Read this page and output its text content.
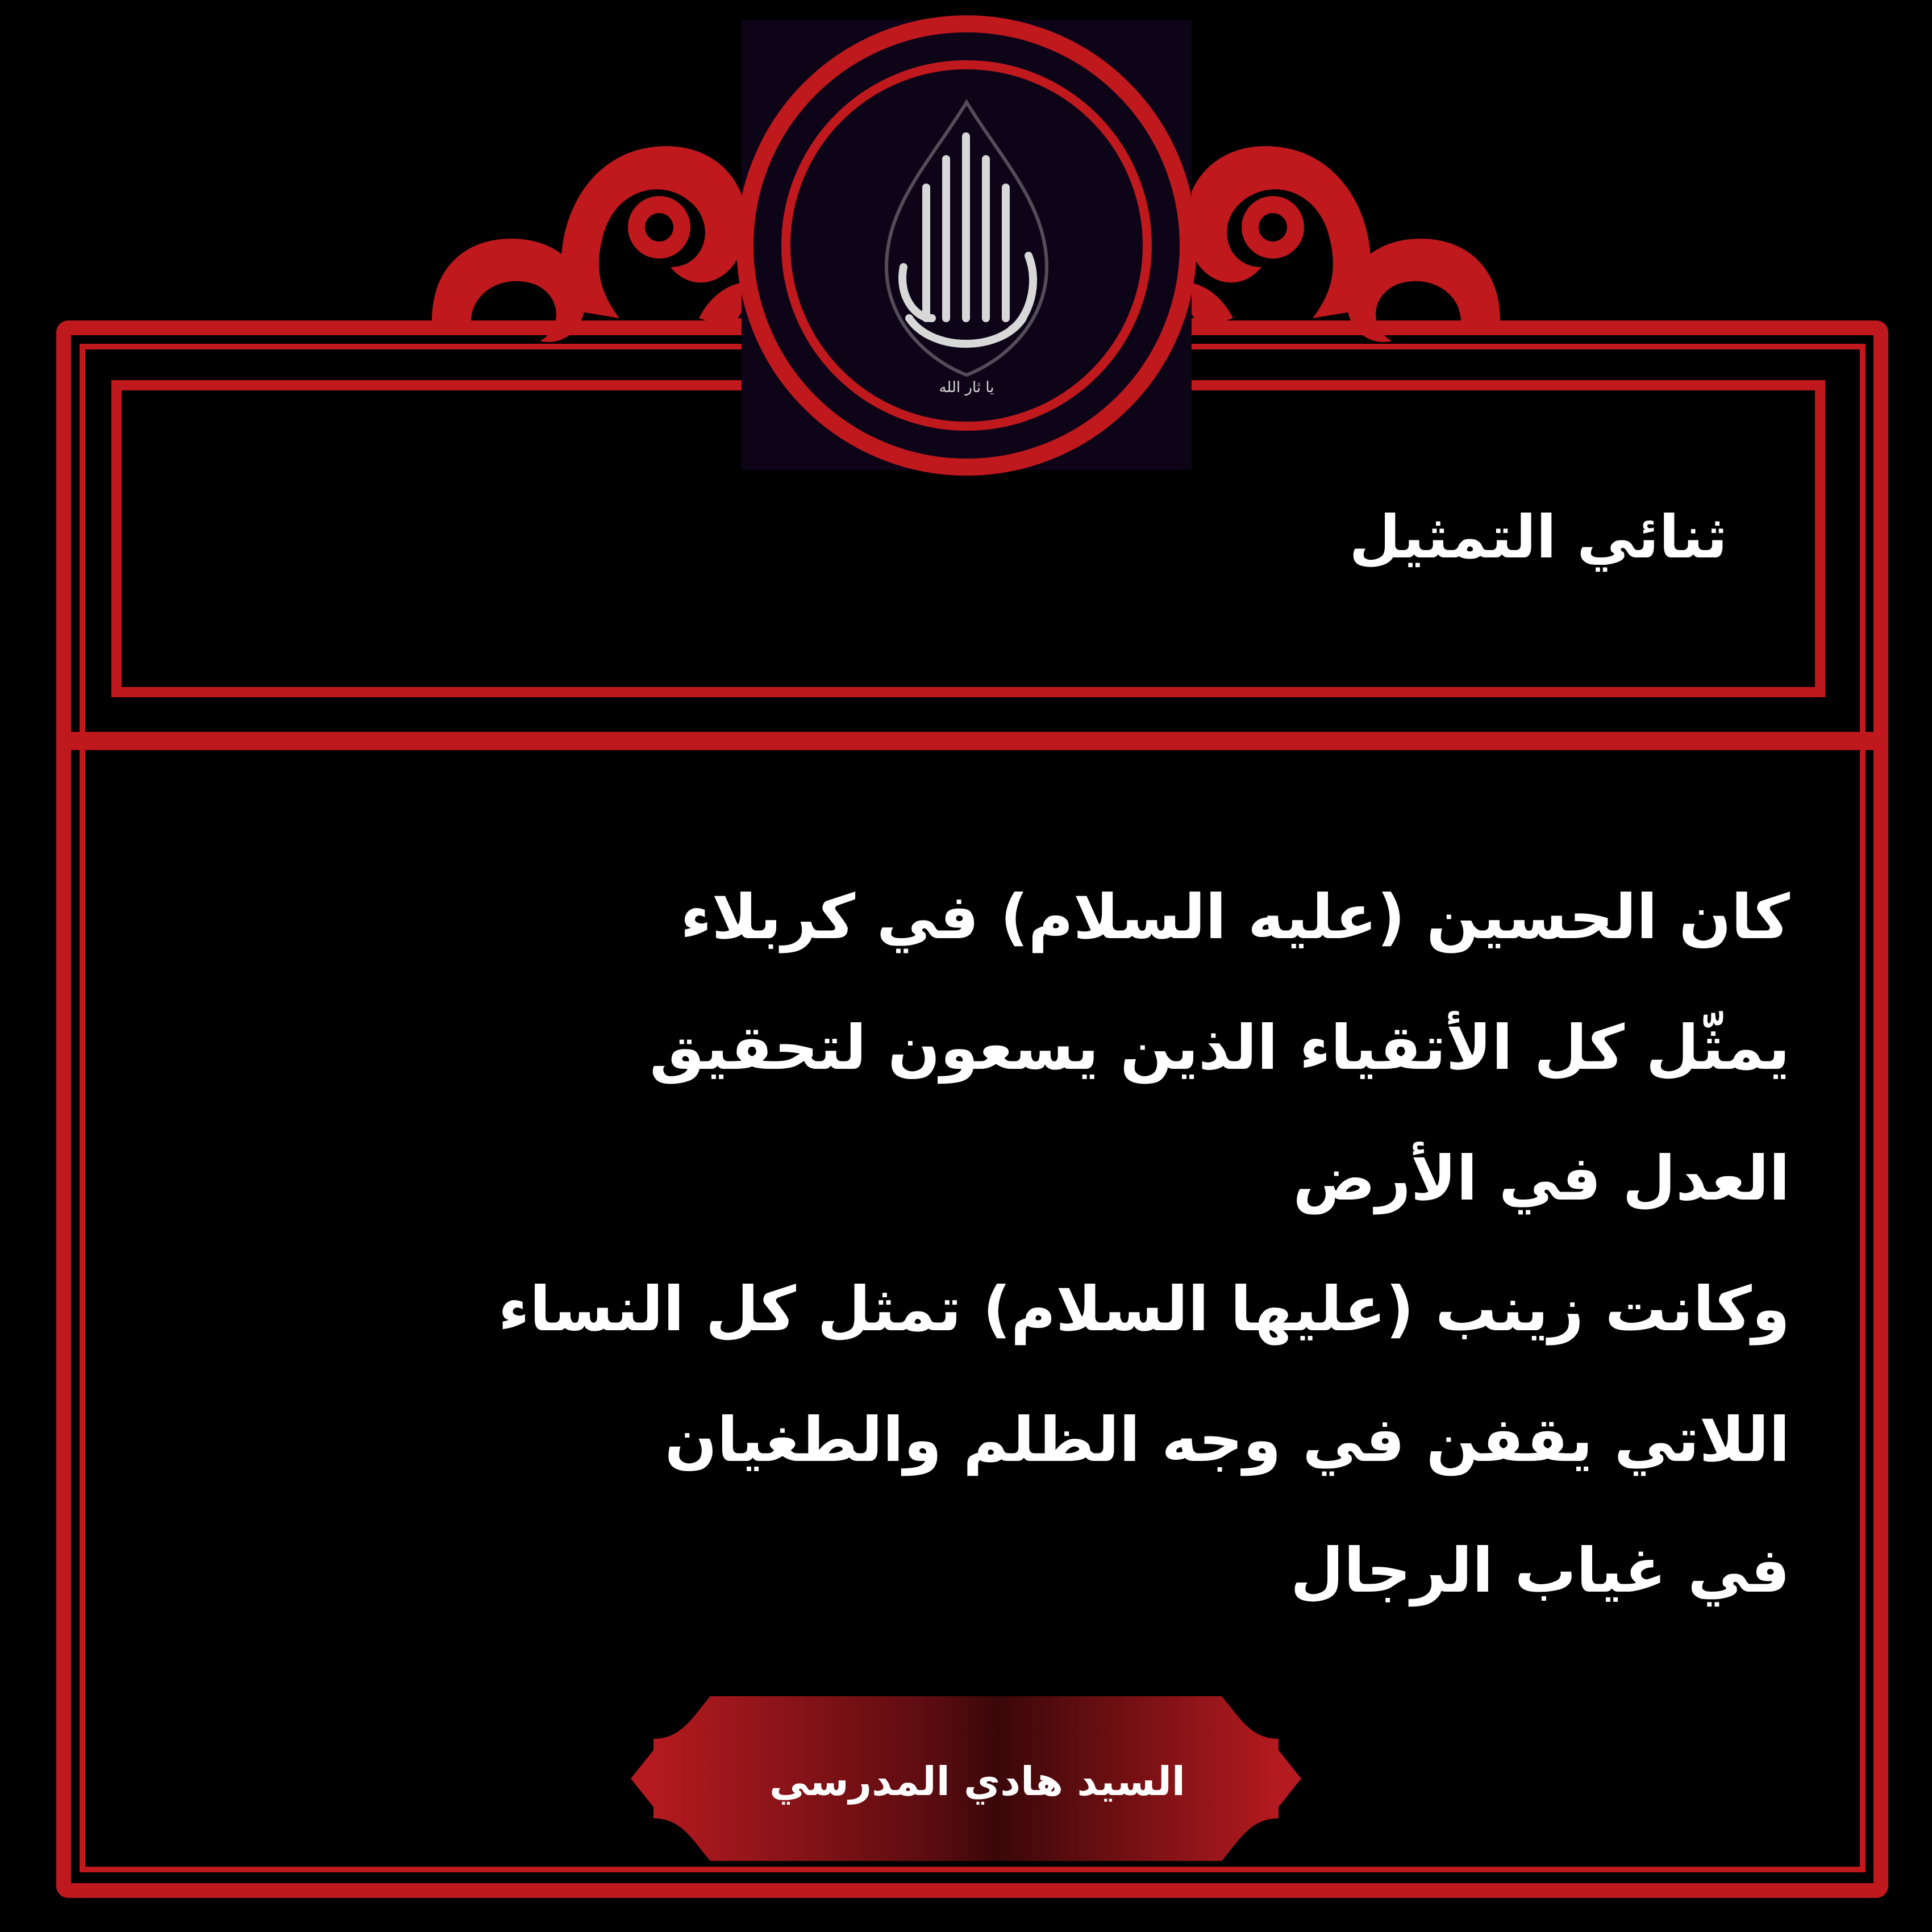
يا ثار الله
ثنائي التمثيل
كان الحسين (عليه السلام) في كربلاء
يمثّل كل الأتقياء الذين يسعون لتحقيق
العدل في الأرض
وكانت زينب (عليها السلام) تمثل كل النساء
اللاتي يقفن في وجه الظلم والطغيان
في غياب الرجال
السيد هادي المدرسي
